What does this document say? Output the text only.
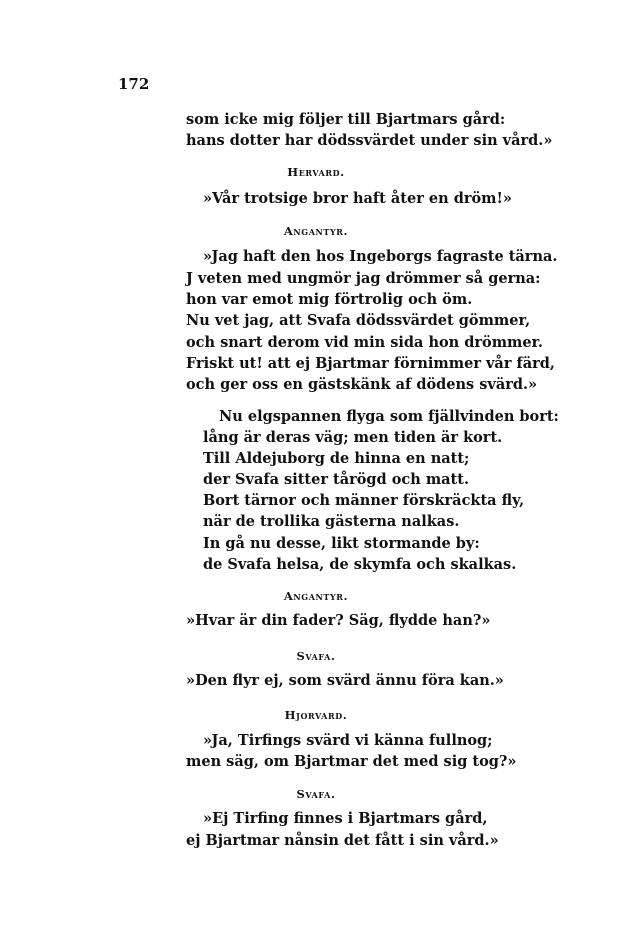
172
som icke mig följer till Bjartmars gård:
hans dotter har dödssvärdet under sin vård.»
Hervard.
»Vår trotsige bror haft åter en dröm!»
Angantyr.
»Jag haft den hos Ingeborgs fagraste tärna.
J veten med ungmör jag drömmer så gerna:
hon var emot mig förtrolig och öm.
Nu vet jag, att Svafa dödssvärdet gömmer,
och snart derom vid min sida hon drömmer.
Friskt ut! att ej Bjartmar förnimmer vår färd,
och ger oss en gästskänk af dödens svärd.»
Nu elgspannen flyga som fjällvinden bort:
lång är deras väg; men tiden är kort.
Till Aldejuborg de hinna en natt;
der Svafa sitter tårögd och matt.
Bort tärnor och männer förskräckta fly,
när de trollika gästerna nalkas.
In gå nu desse, likt stormande by:
de Svafa helsa, de skymfa och skalkas.
Angantyr.
»Hvar är din fader? Säg, flydde han?»
Svafa.
»Den flyr ej, som svärd ännu föra kan.»
Hjorvard.
»Ja, Tirfings svärd vi känna fullnog;
men säg, om Bjartmar det med sig tog?»
Svafa.
»Ej Tirfing finnes i Bjartmars gård,
ej Bjartmar nånsin det fått i sin vård.»
